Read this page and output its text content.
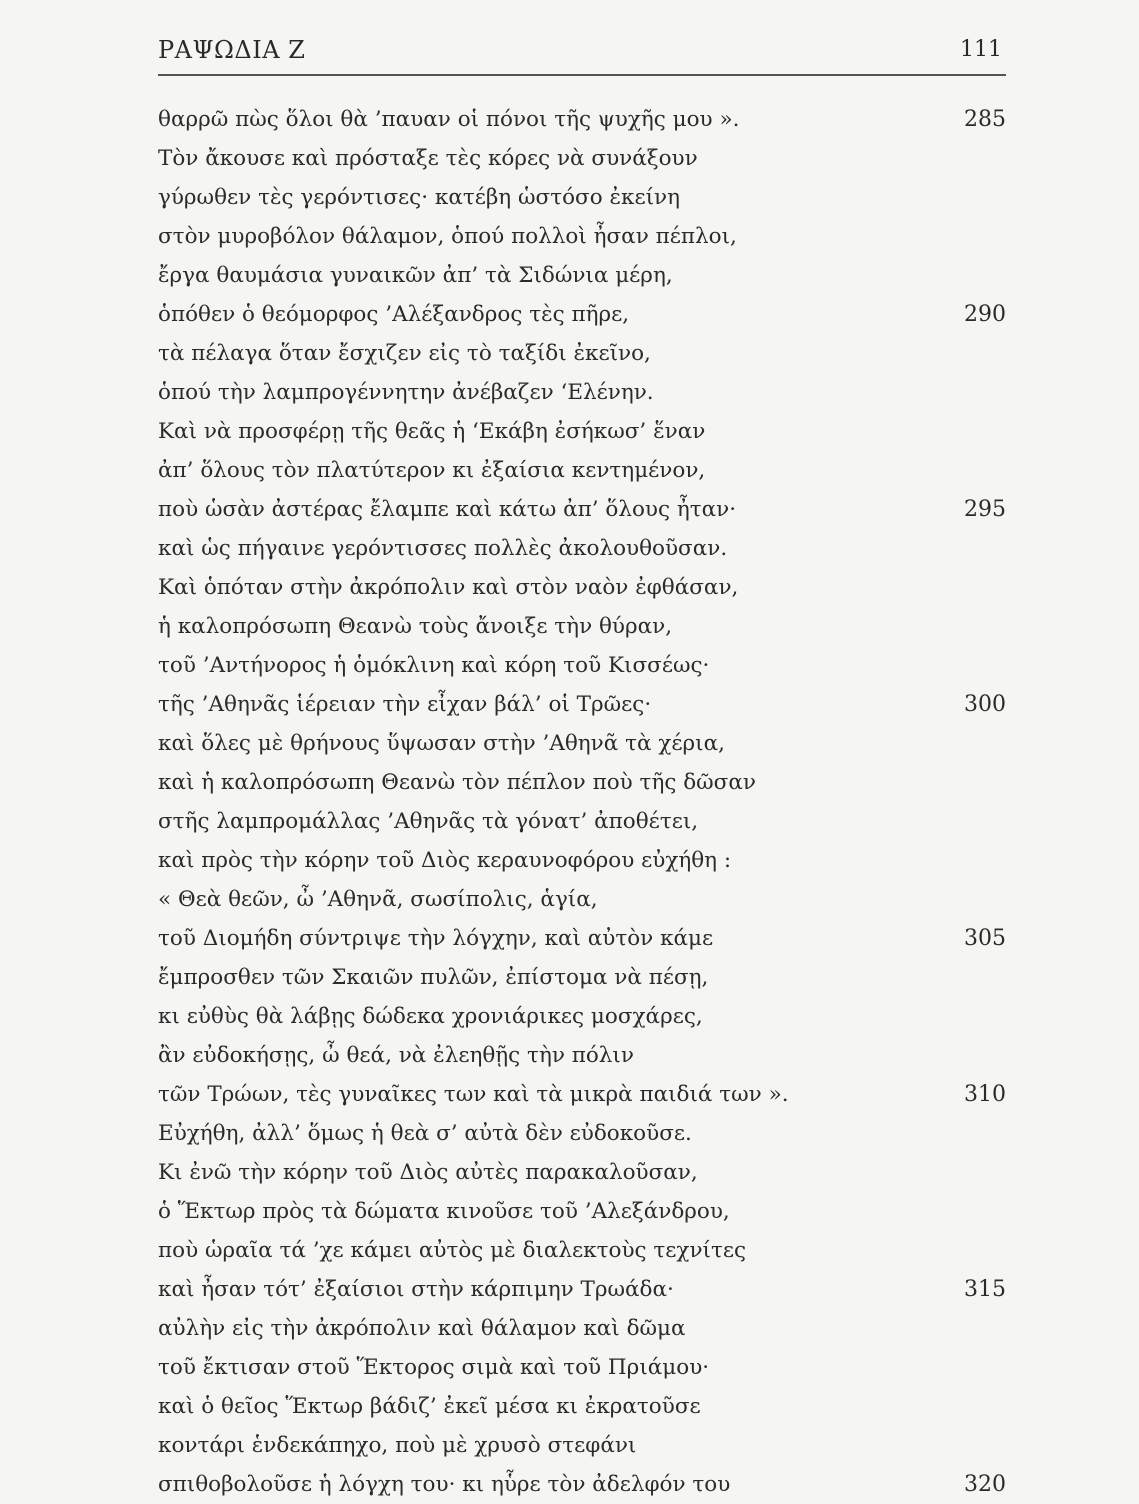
ΡΑΨΩΔΙΑ Ζ	111
θαρρῶ πὼς ὅλοι θὰ ’παυαν οἱ πόνοι τῆς ψυχῆς μου ».	285
Τὸν ἄκουσε καὶ πρόσταξε τὲς κόρες νὰ συνάξουν
γύρωθεν τὲς γερόντισες· κατέβη ὡστόσο ἐκείνη
στὸν μυροβόλον θάλαμον, ὁπού πολλοὶ ἦσαν πέπλοι,
ἔργα θαυμάσια γυναικῶν ἀπ’ τὰ Σιδώνια μέρη,
ὁπόθεν ὁ θεόμορφος ’Αλέξανδρος τὲς πῆρε,	290
τὰ πέλαγα ὅταν ἔσχιζεν εἰς τὸ ταξίδι ἐκεῖνο,
ὁπού τὴν λαμπρογέννητην ἀνέβαζεν ‘Ελένην.
Καὶ νὰ προσφέρῃ τῆς θεᾶς ἡ ‘Εκάβη ἐσήκωσ’ ἕναν
ἀπ’ ὅλους τὸν πλατύτερον κι ἐξαίσια κεντημένον,
ποὺ ὡσὰν ἀστέρας ἔλαμπε καὶ κάτω ἀπ’ ὅλους ἦταν·	295
καὶ ὡς πήγαινε γερόντισσες πολλὲς ἀκολουθοῦσαν.
Καὶ ὁπόταν στὴν ἀκρόπολιν καὶ στὸν ναὸν ἐφθάσαν,
ἡ καλοπρόσωπη Θεανὼ τοὺς ἄνοιξε τὴν θύραν,
τοῦ ’Αντήνορος ἡ ὁμόκλινη καὶ κόρη τοῦ Κισσέως·
τῆς ’Αθηνᾶς ἱέρειαν τὴν εἶχαν βάλ’ οἱ Τρῶες·	300
καὶ ὅλες μὲ θρήνους ὕψωσαν στὴν ’Αθηνᾶ τὰ χέρια,
καὶ ἡ καλοπρόσωπη Θεανὼ τὸν πέπλον ποὺ τῆς δῶσαν
στῆς λαμπρομάλλας ’Αθηνᾶς τὰ γόνατ’ ἀποθέτει,
καὶ πρὸς τὴν κόρην τοῦ Διὸς κεραυνοφόρου εὐχήθη :
« Θεὰ θεῶν, ὦ ’Αθηνᾶ, σωσίπολις, ἁγία,
τοῦ Διομήδη σύντριψε τὴν λόγχην, καὶ αὐτὸν κάμε	305
ἔμπροσθεν τῶν Σκαιῶν πυλῶν, ἐπίστομα νὰ πέσῃ,
κι εὐθὺς θὰ λάβῃς δώδεκα χρονιάρικες μοσχάρες,
ἂν εὐδοκήσῃς, ὦ θεά, νὰ ἐλεηθῇς τὴν πόλιν
τῶν Τρώων, τὲς γυναῖκες των καὶ τὰ μικρὰ παιδιά των ».	310
Εὐχήθη, ἀλλ’ ὅμως ἡ θεὰ σ’ αὐτὰ δὲν εὐδοκοῦσε.
Κι ἐνῶ τὴν κόρην τοῦ Διὸς αὐτὲς παρακαλοῦσαν,
ὁ Ἕκτωρ πρὸς τὰ δώματα κινοῦσε τοῦ ’Αλεξάνδρου,
ποὺ ὡραῖα τά ’χε κάμει αὐτὸς μὲ διαλεκτοὺς τεχνίτες
καὶ ἦσαν τότ’ ἐξαίσιοι στὴν κάρπιμην Τρωάδα·	315
αὐλὴν εἰς τὴν ἀκρόπολιν καὶ θάλαμον καὶ δῶμα
τοῦ ἔκτισαν στοῦ Ἕκτορος σιμὰ καὶ τοῦ Πριάμου·
καὶ ὁ θεῖος Ἕκτωρ βάδιζ’ ἐκεῖ μέσα κι ἐκρατοῦσε
κοντάρι ἑνδεκάπηχο, ποὺ μὲ χρυσὸ στεφάνι
σπιθοβολοῦσε ἡ λόγχη του· κι ηὗρε τὸν ἀδελφόν του	320
